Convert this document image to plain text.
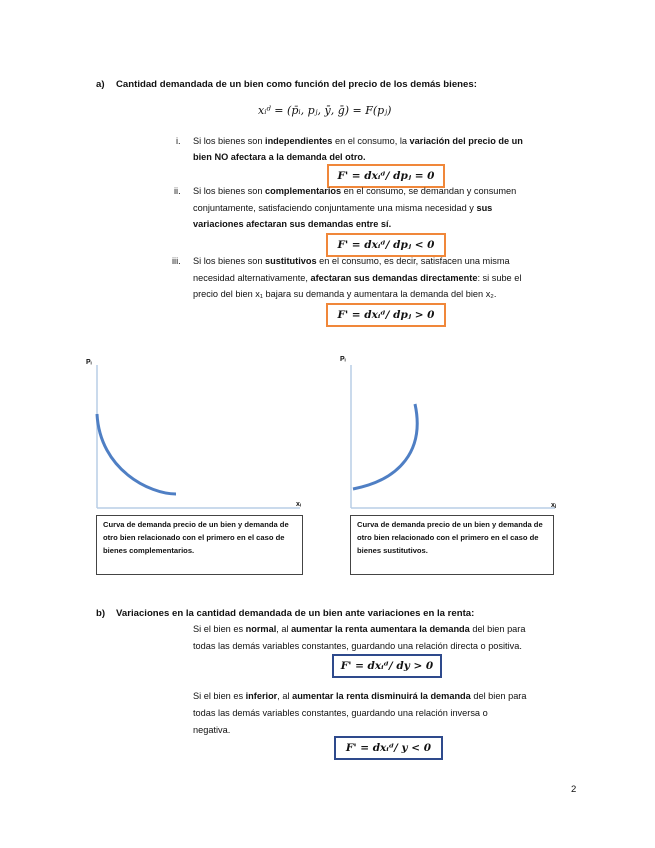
a) Cantidad demandada de un bien como función del precio de los demás bienes:
xᵢᵈ = (p̄ᵢ, pⱼ, ȳ, ḡ) = F(pⱼ)
i. Si los bienes son independientes en el consumo, la variación del precio de un
bien NO afectara a la demanda del otro.
F' = dxᵢᵈ/ dpⱼ = 0
ii. Si los bienes son complementarios en el consumo, se demandan y consumen
conjuntamente, satisfaciendo conjuntamente una misma necesidad y sus
variaciones afectaran sus demandas entre sí.
F' = dxᵢᵈ/ dpⱼ < 0
iii. Si los bienes son sustitutivos en el consumo, es decir, satisfacen una misma
necesidad alternativamente, afectaran sus demandas directamente: si sube el
precio del bien x₁ bajara su demanda y aumentara la demanda del bien x₂.
F' = dxᵢᵈ/ dpⱼ > 0
Pᵢ
xᵢ
Pᵢ
xⱼ
Curva de demanda precio de un bien y demanda de otro bien relacionado con el primero en el caso de bienes complementarios.
Curva de demanda precio de un bien y demanda de otro bien relacionado con el primero en el caso de bienes sustitutivos.
b) Variaciones en la cantidad demandada de un bien ante variaciones en la renta:
Si el bien es normal, al aumentar la renta aumentara la demanda del bien para
todas las demás variables constantes, guardando una relación directa o positiva.
F' = dxᵢᵈ/ dy > 0
Si el bien es inferior, al aumentar la renta disminuirá la demanda del bien para
todas las demás variables constantes, guardando una relación inversa o
negativa.
F' = dxᵢᵈ/ y < 0
2
